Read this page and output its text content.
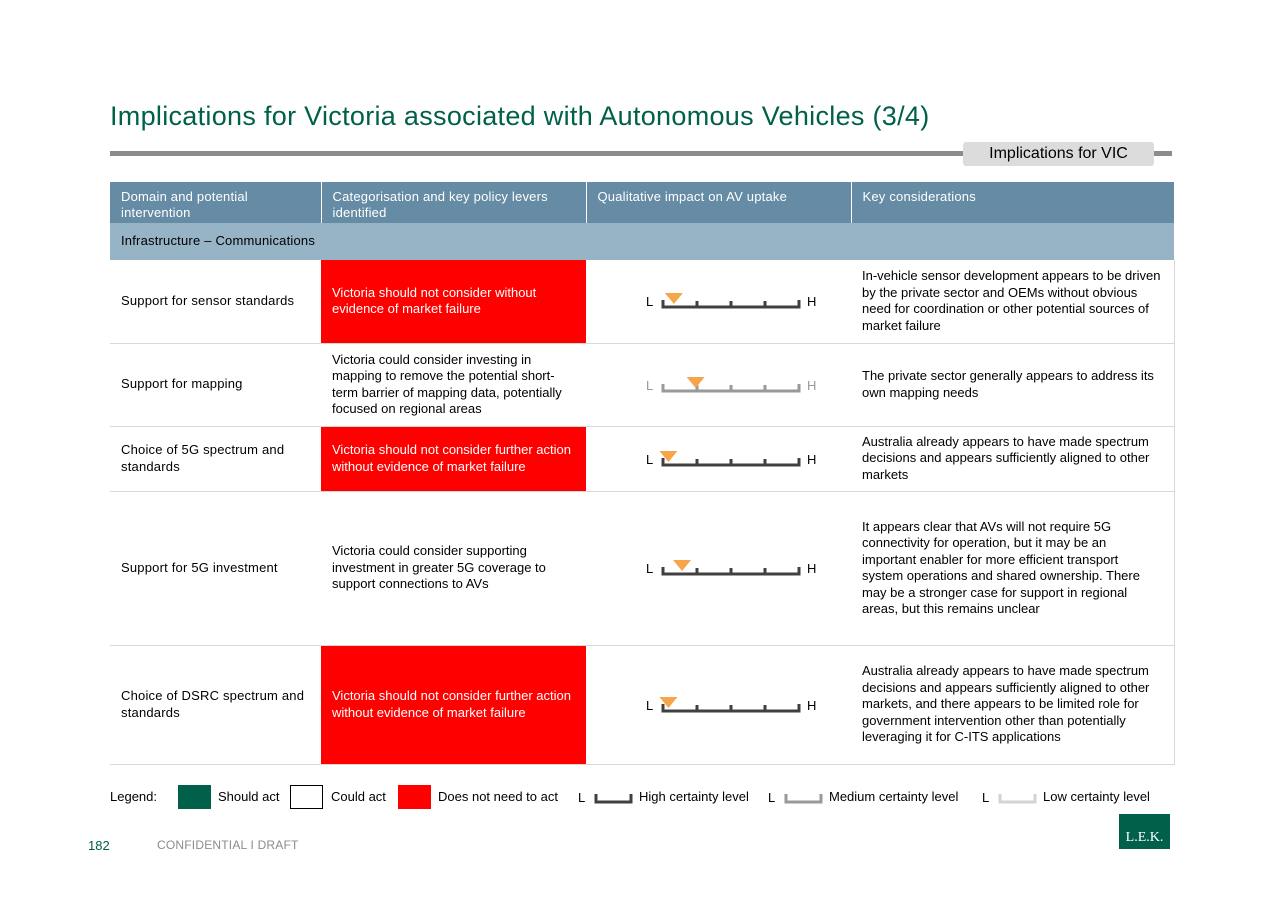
Implications for Victoria associated with Autonomous Vehicles (3/4)
Implications for VIC
Domain and potential intervention	Categorisation and key policy levers identified	Qualitative impact on AV uptake	Key considerations
Infrastructure – Communications			
Support for sensor standards	Victoria should not consider without evidence of market failure	L H	In-vehicle sensor development appears to be driven by the private sector and OEMs without obvious need for coordination or other potential sources of market failure
Support for mapping	Victoria could consider investing in mapping to remove the potential short-term barrier of mapping data, potentially focused on regional areas	L H	The private sector generally appears to address its own mapping needs
Choice of 5G spectrum and standards	Victoria should not consider further action without evidence of market failure	L H	Australia already appears to have made spectrum decisions and appears sufficiently aligned to other markets
Support for 5G investment	Victoria could consider supporting investment in greater 5G coverage to support connections to AVs	L H	It appears clear that AVs will not require 5G connectivity for operation, but it may be an important enabler for more efficient transport system operations and shared ownership. There may be a stronger case for support in regional areas, but this remains unclear
Choice of DSRC spectrum and standards	Victoria should not consider further action without evidence of market failure	L H	Australia already appears to have made spectrum decisions and appears sufficiently aligned to other markets, and there appears to be limited role for government intervention other than potentially leveraging it for C-ITS applications
Legend:	Should act	Could act	Does not need to act L	High certainty level L	Medium certainty level L	Low certainty level
182	CONFIDENTIAL I DRAFT	L.E.K.
